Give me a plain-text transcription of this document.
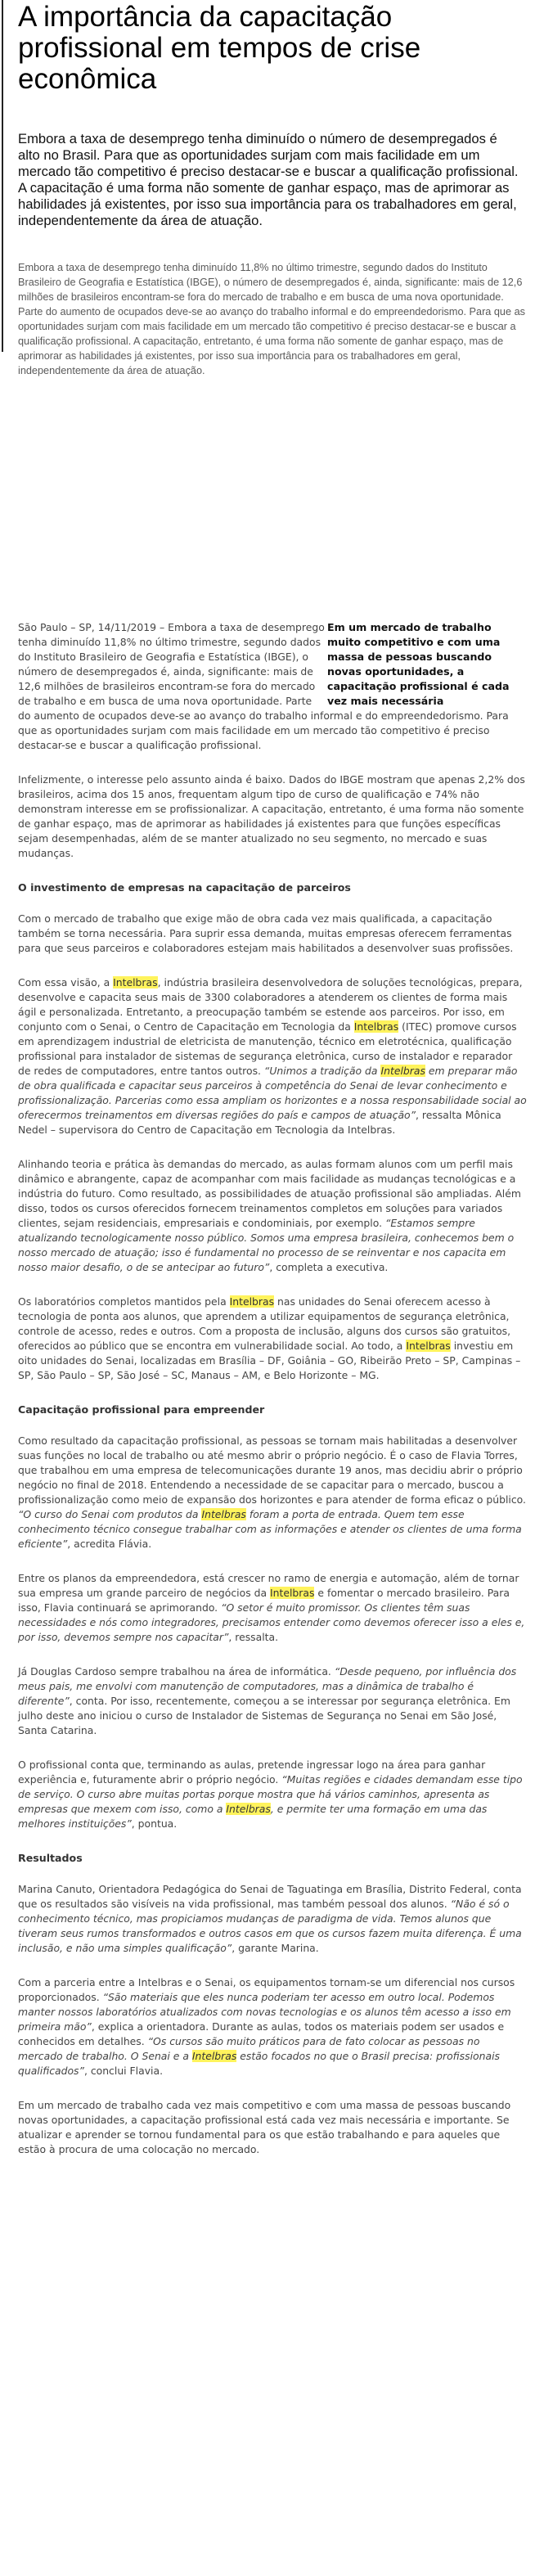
A importância da capacitação profissional em tempos de crise econômica

Embora a taxa de desemprego tenha diminuído o número de desempregados é alto no Brasil. Para que as oportunidades surjam com mais facilidade em um mercado tão competitivo é preciso destacar-se e buscar a qualificação profissional. A capacitação é uma forma não somente de ganhar espaço, mas de aprimorar as habilidades já existentes, por isso sua importância para os trabalhadores em geral, independentemente da área de atuação.

Embora a taxa de desemprego tenha diminuído 11,8% no último trimestre, segundo dados do Instituto Brasileiro de Geografia e Estatística (IBGE), o número de desempregados é, ainda, significante: mais de 12,6 milhões de brasileiros encontram-se fora do mercado de trabalho e em busca de uma nova oportunidade. Parte do aumento de ocupados deve-se ao avanço do trabalho informal e do empreendedorismo. Para que as oportunidades surjam com mais facilidade em um mercado tão competitivo é preciso destacar-se e buscar a qualificação profissional. A capacitação, entretanto, é uma forma não somente de ganhar espaço, mas de aprimorar as habilidades já existentes, por isso sua importância para os trabalhadores em geral, independentemente da área de atuação.

Em um mercado de trabalho muito competitivo e com uma massa de pessoas buscando novas oportunidades, a capacitação profissional é cada vez mais necessária

São Paulo – SP, 14/11/2019 – Embora a taxa de desemprego tenha diminuído 11,8% no último trimestre, segundo dados do Instituto Brasileiro de Geografia e Estatística (IBGE), o número de desempregados é, ainda, significante: mais de 12,6 milhões de brasileiros encontram-se fora do mercado de trabalho e em busca de uma nova oportunidade. Parte do aumento de ocupados deve-se ao avanço do trabalho informal e do empreendedorismo. Para que as oportunidades surjam com mais facilidade em um mercado tão competitivo é preciso destacar-se e buscar a qualificação profissional.

Infelizmente, o interesse pelo assunto ainda é baixo. Dados do IBGE mostram que apenas 2,2% dos brasileiros, acima dos 15 anos, frequentam algum tipo de curso de qualificação e 74% não demonstram interesse em se profissionalizar. A capacitação, entretanto, é uma forma não somente de ganhar espaço, mas de aprimorar as habilidades já existentes para que funções específicas sejam desempenhadas, além de se manter atualizado no seu segmento, no mercado e suas mudanças.

O investimento de empresas na capacitação de parceiros

Com o mercado de trabalho que exige mão de obra cada vez mais qualificada, a capacitação também se torna necessária. Para suprir essa demanda, muitas empresas oferecem ferramentas para que seus parceiros e colaboradores estejam mais habilitados a desenvolver suas profissões.

Com essa visão, a Intelbras, indústria brasileira desenvolvedora de soluções tecnológicas, prepara, desenvolve e capacita seus mais de 3300 colaboradores a atenderem os clientes de forma mais ágil e personalizada. Entretanto, a preocupação também se estende aos parceiros. Por isso, em conjunto com o Senai, o Centro de Capacitação em Tecnologia da Intelbras (ITEC) promove cursos em aprendizagem industrial de eletricista de manutenção, técnico em eletrotécnica, qualificação profissional para instalador de sistemas de segurança eletrônica, curso de instalador e reparador de redes de computadores, entre tantos outros. “Unimos a tradição da Intelbras em preparar mão de obra qualificada e capacitar seus parceiros à competência do Senai de levar conhecimento e profissionalização. Parcerias como essa ampliam os horizontes e a nossa responsabilidade social ao oferecermos treinamentos em diversas regiões do país e campos de atuação”, ressalta Mônica Nedel – supervisora do Centro de Capacitação em Tecnologia da Intelbras.

Alinhando teoria e prática às demandas do mercado, as aulas formam alunos com um perfil mais dinâmico e abrangente, capaz de acompanhar com mais facilidade as mudanças tecnológicas e a indústria do futuro. Como resultado, as possibilidades de atuação profissional são ampliadas. Além disso, todos os cursos oferecidos fornecem treinamentos completos em soluções para variados clientes, sejam residenciais, empresariais e condominiais, por exemplo. “Estamos sempre atualizando tecnologicamente nosso público. Somos uma empresa brasileira, conhecemos bem o nosso mercado de atuação; isso é fundamental no processo de se reinventar e nos capacita em nosso maior desafio, o de se antecipar ao futuro”, completa a executiva.

Os laboratórios completos mantidos pela Intelbras nas unidades do Senai oferecem acesso à tecnologia de ponta aos alunos, que aprendem a utilizar equipamentos de segurança eletrônica, controle de acesso, redes e outros. Com a proposta de inclusão, alguns dos cursos são gratuitos, oferecidos ao público que se encontra em vulnerabilidade social. Ao todo, a Intelbras investiu em oito unidades do Senai, localizadas em Brasília – DF, Goiânia – GO, Ribeirão Preto – SP, Campinas – SP, São Paulo – SP, São José – SC, Manaus – AM, e Belo Horizonte – MG.

Capacitação profissional para empreender

Como resultado da capacitação profissional, as pessoas se tornam mais habilitadas a desenvolver suas funções no local de trabalho ou até mesmo abrir o próprio negócio. É o caso de Flavia Torres, que trabalhou em uma empresa de telecomunicações durante 19 anos, mas decidiu abrir o próprio negócio no final de 2018. Entendendo a necessidade de se capacitar para o mercado, buscou a profissionalização como meio de expansão dos horizontes e para atender de forma eficaz o público. “O curso do Senai com produtos da Intelbras foram a porta de entrada. Quem tem esse conhecimento técnico consegue trabalhar com as informações e atender os clientes de uma forma eficiente”, acredita Flávia.

Entre os planos da empreendedora, está crescer no ramo de energia e automação, além de tornar sua empresa um grande parceiro de negócios da Intelbras e fomentar o mercado brasileiro. Para isso, Flavia continuará se aprimorando. “O setor é muito promissor. Os clientes têm suas necessidades e nós como integradores, precisamos entender como devemos oferecer isso a eles e, por isso, devemos sempre nos capacitar”, ressalta.

Já Douglas Cardoso sempre trabalhou na área de informática. “Desde pequeno, por influência dos meus pais, me envolvi com manutenção de computadores, mas a dinâmica de trabalho é diferente”, conta. Por isso, recentemente, começou a se interessar por segurança eletrônica. Em julho deste ano iniciou o curso de Instalador de Sistemas de Segurança no Senai em São José, Santa Catarina.

O profissional conta que, terminando as aulas, pretende ingressar logo na área para ganhar experiência e, futuramente abrir o próprio negócio. “Muitas regiões e cidades demandam esse tipo de serviço. O curso abre muitas portas porque mostra que há vários caminhos, apresenta as empresas que mexem com isso, como a Intelbras, e permite ter uma formação em uma das melhores instituições”, pontua.

Resultados

Marina Canuto, Orientadora Pedagógica do Senai de Taguatinga em Brasília, Distrito Federal, conta que os resultados são visíveis na vida profissional, mas também pessoal dos alunos. “Não é só o conhecimento técnico, mas propiciamos mudanças de paradigma de vida. Temos alunos que tiveram seus rumos transformados e outros casos em que os cursos fazem muita diferença. É uma inclusão, e não uma simples qualificação”, garante Marina.

Com a parceria entre a Intelbras e o Senai, os equipamentos tornam-se um diferencial nos cursos proporcionados. “São materiais que eles nunca poderiam ter acesso em outro local. Podemos manter nossos laboratórios atualizados com novas tecnologias e os alunos têm acesso a isso em primeira mão”, explica a orientadora. Durante as aulas, todos os materiais podem ser usados e conhecidos em detalhes. “Os cursos são muito práticos para de fato colocar as pessoas no mercado de trabalho. O Senai e a Intelbras estão focados no que o Brasil precisa: profissionais qualificados”, conclui Flavia.

Em um mercado de trabalho cada vez mais competitivo e com uma massa de pessoas buscando novas oportunidades, a capacitação profissional está cada vez mais necessária e importante. Se atualizar e aprender se tornou fundamental para os que estão trabalhando e para aqueles que estão à procura de uma colocação no mercado.
